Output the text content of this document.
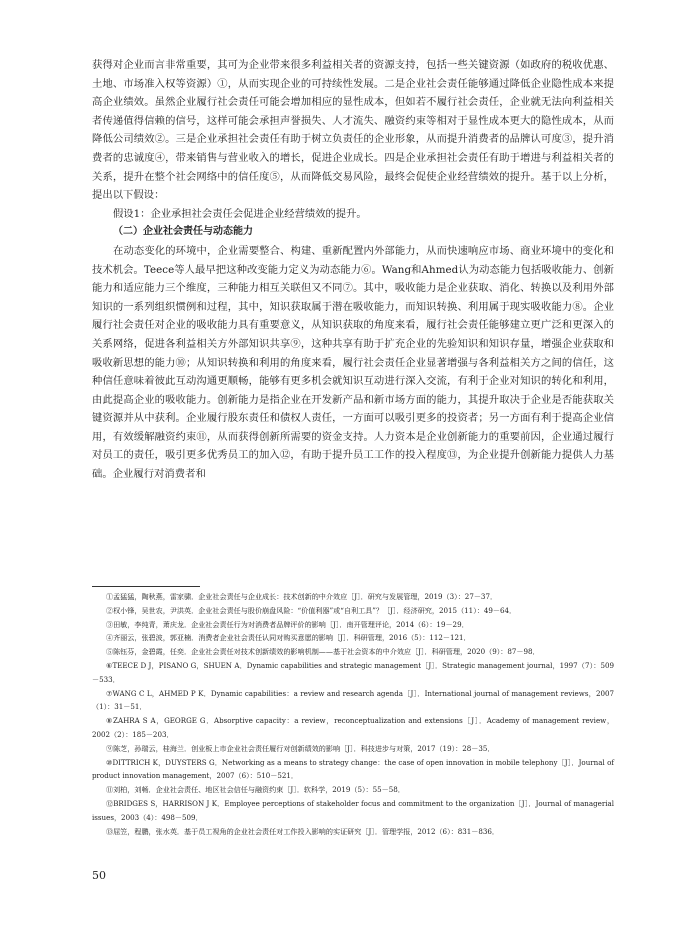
获得对企业而言非常重要，其可为企业带来很多利益相关者的资源支持，包括一些关键资源（如政府的税收优惠、土地、市场准入权等资源）①，从而实现企业的可持续性发展。二是企业社会责任能够通过降低企业隐性成本来提高企业绩效。虽然企业履行社会责任可能会增加相应的显性成本，但如若不履行社会责任，企业就无法向利益相关者传递值得信赖的信号，这样可能会承担声誉损失、人才流失、融资约束等相对于显性成本更大的隐性成本，从而降低公司绩效②。三是企业承担社会责任有助于树立负责任的企业形象，从而提升消费者的品牌认可度③，提升消费者的忠诚度④，带来销售与营业收入的增长，促进企业成长。四是企业承担社会责任有助于增进与利益相关者的关系，提升在整个社会网络中的信任度⑤，从而降低交易风险，最终会促使企业经营绩效的提升。基于以上分析，提出以下假设：

假设1：企业承担社会责任会促进企业经营绩效的提升。

（二）企业社会责任与动态能力

在动态变化的环境中，企业需要整合、构建、重新配置内外部能力，从而快速响应市场、商业环境中的变化和技术机会。Teece等人最早把这种改变能力定义为动态能力⑥。Wang和Ahmed认为动态能力包括吸收能力、创新能力和适应能力三个维度，三种能力相互关联但又不同⑦。其中，吸收能力是企业获取、消化、转换以及利用外部知识的一系列组织惯例和过程，其中，知识获取属于潜在吸收能力，而知识转换、利用属于现实吸收能力⑧。企业履行社会责任对企业的吸收能力具有重要意义，从知识获取的角度来看，履行社会责任能够建立更广泛和更深入的关系网络，促进各利益相关方外部知识共享⑨，这种共享有助于扩充企业的先验知识和知识存量，增强企业获取和吸收新思想的能力⑩；从知识转换和利用的角度来看，履行社会责任企业显著增强与各利益相关方之间的信任，这种信任意味着彼此互动沟通更顺畅，能够有更多机会就知识互动进行深入交流，有利于企业对知识的转化和利用，由此提高企业的吸收能力。创新能力是指企业在开发新产品和新市场方面的能力，其提升取决于企业是否能获取关键资源并从中获利。企业履行股东责任和债权人责任，一方面可以吸引更多的投资者；另一方面有利于提高企业信用，有效缓解融资约束⑪，从而获得创新所需要的资金支持。人力资本是企业创新能力的重要前因，企业通过履行对员工的责任，吸引更多优秀员工的加入⑫，有助于提升员工工作的投入程度⑬，为企业提升创新能力提供人力基础。企业履行对消费者和

①孟猛猛，陶秋燕，雷家骕．企业社会责任与企业成长：技术创新的中介效应［J］．研究与发展管理，2019（3）：27－37．

②权小锋，吴世农，尹洪英．企业社会责任与股价崩盘风险：“价值利器”或“自利工具”？［J］．经济研究，2015（11）：49－64．

③田敏，李纯青，萧庆龙．企业社会责任行为对消费者品牌评价的影响［J］．南开管理评论，2014（6）：19－29．

④齐丽云，张碧波，郭亚楠．消费者企业社会责任认同对购买意愿的影响［J］．科研管理，2016（5）：112－121．

⑤陈钰芬，金碧霞，任奕．企业社会责任对技术创新绩效的影响机制——基于社会资本的中介效应［J］．科研管理，2020（9）：87－98．

⑥TEECE D J，PISANO G，SHUEN A．Dynamic capabilities and strategic management［J］．Strategic management journal，1997（7）：509－533．

⑦WANG C L，AHMED P K．Dynamic capabilities：a review and research agenda［J］．International journal of management reviews，2007（1）：31－51．

⑧ZAHRA S A，GEORGE G．Absorptive capacity：a review，reconceptualization and extensions［J］．Academy of management review，2002（2）：185－203．

⑨陈芝，孙瑞云，桂海兰．创业板上市企业社会责任履行对创新绩效的影响［J］．科技进步与对策，2017（19）：28－35．

⑩DITTRICH K，DUYSTERS G．Networking as a means to strategy change：the case of open innovation in mobile telephony［J］．Journal of product innovation management，2007（6）：510－521．

⑪刘柏，刘畅．企业社会责任、地区社会信任与融资约束［J］．软科学，2019（5）：55－58．

⑫BRIDGES S，HARRISON J K．Employee perceptions of stakeholder focus and commitment to the organization［J］．Journal of managerial issues，2003（4）：498－509．

⑬屈笠，程鹏，张水英．基于员工视角的企业社会责任对工作投入影响的实证研究［J］．管理学报，2012（6）：831－836．

50
